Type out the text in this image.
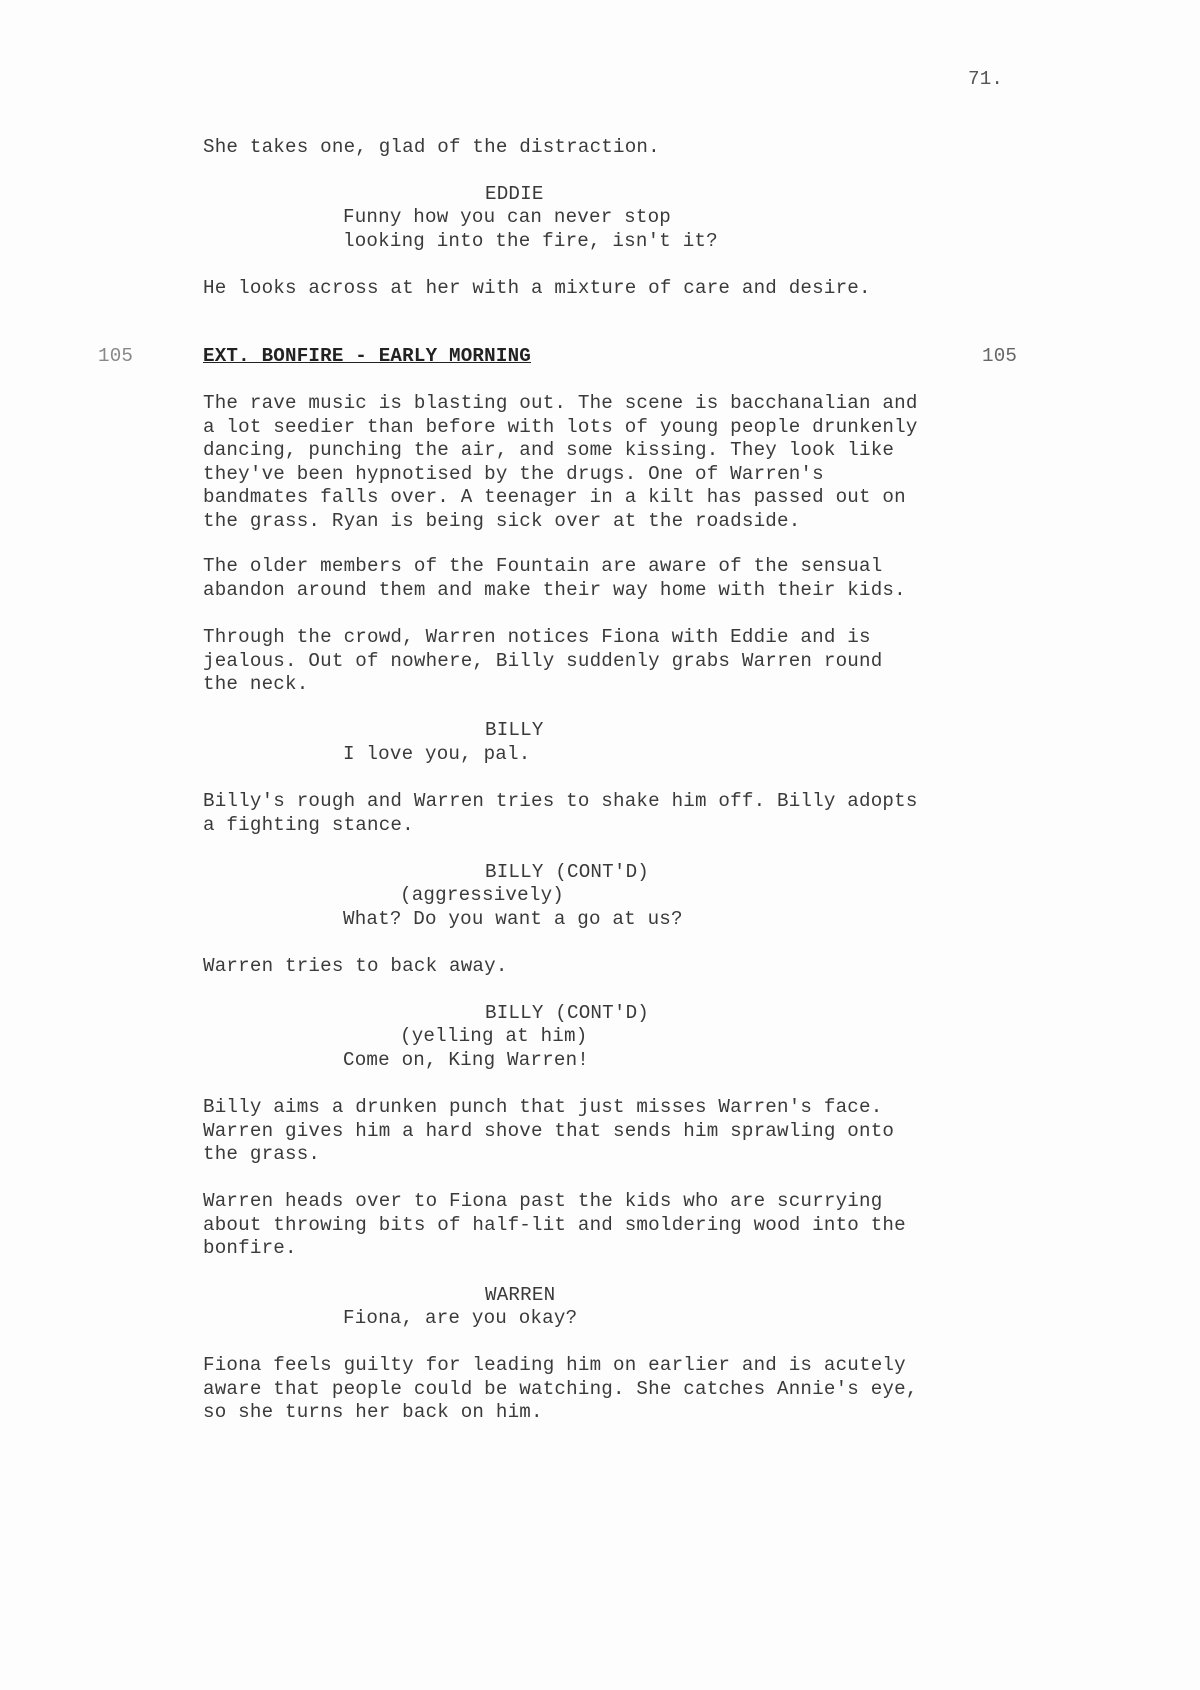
71.
She takes one, glad of the distraction.
EDDIE
Funny how you can never stop
looking into the fire, isn't it?
He looks across at her with a mixture of care and desire.
105	EXT. BONFIRE - EARLY MORNING	105
The rave music is blasting out. The scene is bacchanalian and
a lot seedier than before with lots of young people drunkenly
dancing, punching the air, and some kissing. They look like
they've been hypnotised by the drugs. One of Warren's
bandmates falls over. A teenager in a kilt has passed out on
the grass. Ryan is being sick over at the roadside.
The older members of the Fountain are aware of the sensual
abandon around them and make their way home with their kids.
Through the crowd, Warren notices Fiona with Eddie and is
jealous. Out of nowhere, Billy suddenly grabs Warren round
the neck.
BILLY
I love you, pal.
Billy's rough and Warren tries to shake him off. Billy adopts
a fighting stance.
BILLY (CONT'D)
(aggressively)
What? Do you want a go at us?
Warren tries to back away.
BILLY (CONT'D)
(yelling at him)
Come on, King Warren!
Billy aims a drunken punch that just misses Warren's face.
Warren gives him a hard shove that sends him sprawling onto
the grass.
Warren heads over to Fiona past the kids who are scurrying
about throwing bits of half-lit and smoldering wood into the
bonfire.
WARREN
Fiona, are you okay?
Fiona feels guilty for leading him on earlier and is acutely
aware that people could be watching. She catches Annie's eye,
so she turns her back on him.
